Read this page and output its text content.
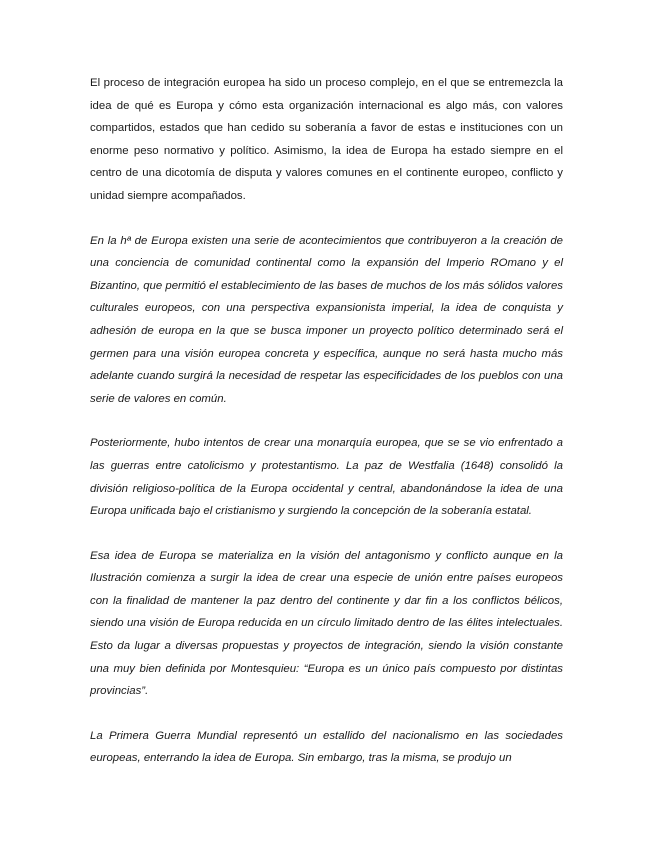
El proceso de integración europea ha sido un proceso complejo, en el que se entremezcla la idea de qué es Europa y cómo esta organización internacional es algo más, con valores compartidos, estados que han cedido su soberanía a favor de estas e instituciones con un enorme peso normativo y político. Asimismo, la idea de Europa ha estado siempre en el centro de una dicotomía de disputa y valores comunes en el continente europeo, conflicto y unidad siempre acompañados.

En la hª de Europa existen una serie de acontecimientos que contribuyeron a la creación de una conciencia de comunidad continental como la expansión del Imperio ROmano y el Bizantino, que permitió el establecimiento de las bases de muchos de los más sólidos valores culturales europeos, con una perspectiva expansionista imperial, la idea de conquista y adhesión de europa en la que se busca imponer un proyecto político determinado será el germen para una visión europea concreta y específica, aunque no será hasta mucho más adelante cuando surgirá la necesidad de respetar las especificidades de los pueblos con una serie de valores en común.

Posteriormente, hubo intentos de crear una monarquía europea, que se se vio enfrentado a las guerras entre catolicismo y protestantismo. La paz de Westfalia (1648) consolidó la división religioso-política de la Europa occidental y central, abandonándose la idea de una Europa unificada bajo el cristianismo y surgiendo la concepción de la soberanía estatal.

Esa idea de Europa se materializa en la visión del antagonismo y conflicto aunque en la Ilustración comienza a surgir la idea de crear una especie de unión entre países europeos con la finalidad de mantener la paz dentro del continente y dar fin a los conflictos bélicos, siendo una visión de Europa reducida en un círculo limitado dentro de las élites intelectuales. Esto da lugar a diversas propuestas y proyectos de integración, siendo la visión constante una muy bien definida por Montesquieu: “Europa es un único país compuesto por distintas provincias”.

La Primera Guerra Mundial representó un estallido del nacionalismo en las sociedades europeas, enterrando la idea de Europa. Sin embargo, tras la misma, se produjo un
